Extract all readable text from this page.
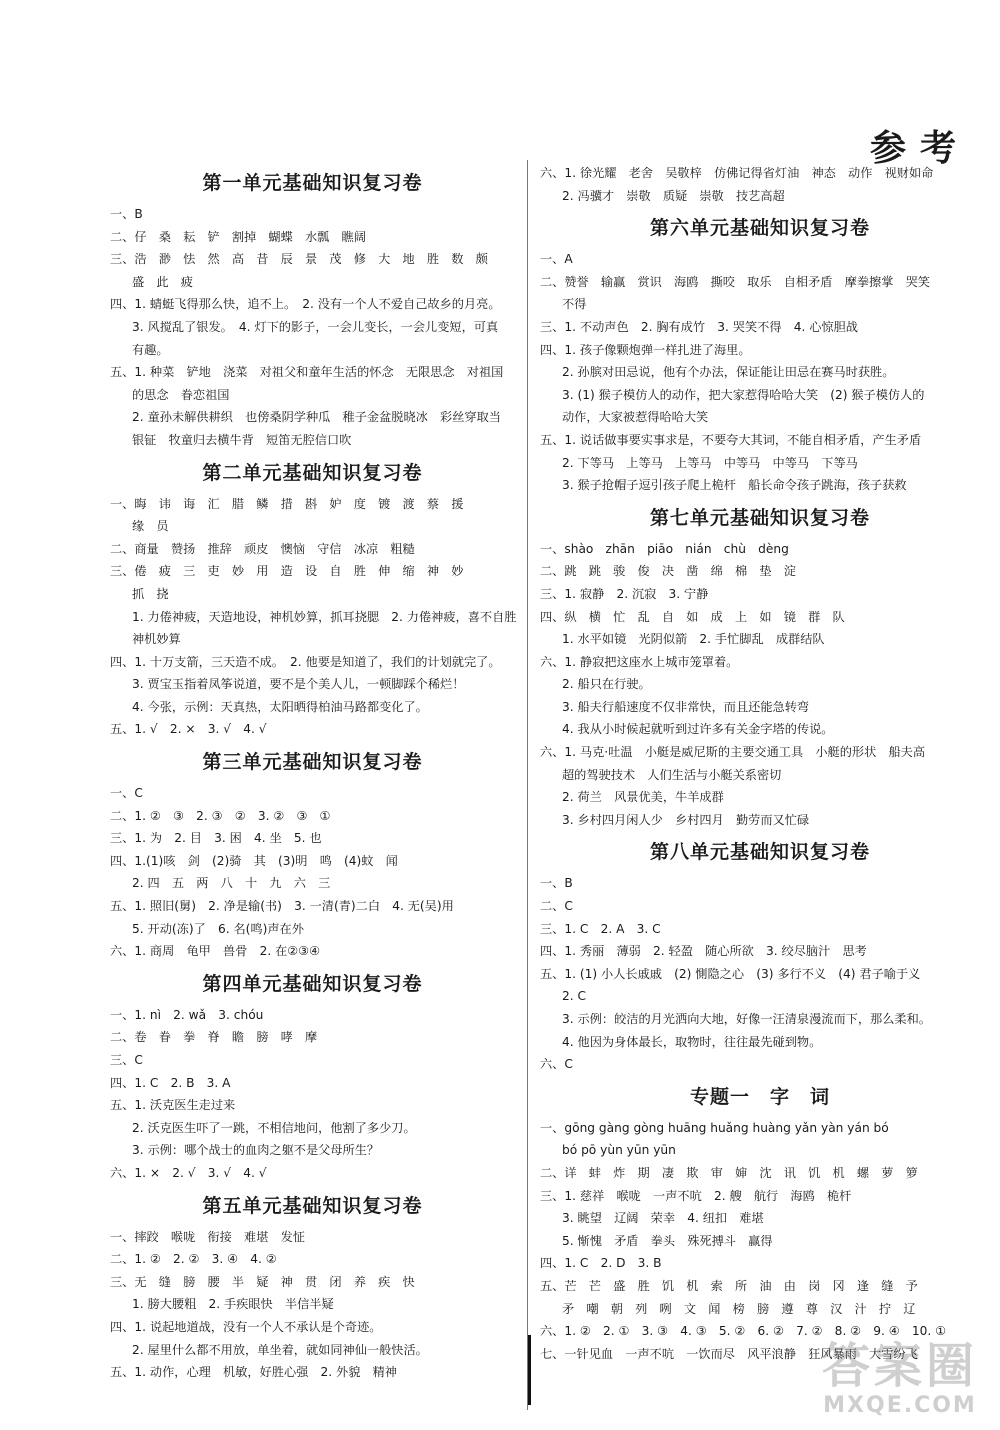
参考
第一单元基础知识复习卷
一、B
二、仔　桑　耘　铲　割掉　蝴蝶　水瓢　瞧阔
三、浩　渺　怯　然　高　昔　辰　景　茂　修　大　地　胜　数　颇
盛　此　疲
四、1. 蜻蜓飞得那么快，追不上。　2. 没有一个人不爱自己故乡的月亮。
3. 风搅乱了银发。　4. 灯下的影子，一会儿变长，一会儿变短，可真
有趣。
五、1. 种菜　铲地　浇菜　对祖父和童年生活的怀念　无限思念　对祖国
的思念　眷恋祖国
2. 童孙未解供耕织　也傍桑阴学种瓜　稚子金盆脱晓冰　彩丝穿取当
银钲　牧童归去横牛背　短笛无腔信口吹
第二单元基础知识复习卷
一、晦　讳　诲　汇　腊　鳞　措　斟　妒　度　镀　渡　蔡　援
缘　员
二、商量　赞扬　推辞　顽皮　懊恼　守信　冰凉　粗糙
三、倦　疲　三　吏　妙　用　造　设　自　胜　伸　缩　神　妙
抓　挠
1. 力倦神疲，天造地设，神机妙算，抓耳挠腮　2. 力倦神疲，喜不自胜
神机妙算
四、1. 十万支箭，三天造不成。　2. 他要是知道了，我们的计划就完了。
3. 贾宝玉指着凤筝说道，要不是个美人儿，一顿脚踩个稀烂！
4. 今张，示例：天真热，太阳晒得柏油马路都变化了。
五、1. √　2. ×　3. √　4. √
第三单元基础知识复习卷
一、C
二、1. ②　③　2. ③　②　3. ②　③　①
三、1. 为　2. 目　3. 困　4. 坐　5. 也
四、1.(1)咳　剑　(2)骑　其　(3)明　鸣　(4)蚊　闻
2. 四　五　两　八　十　九　六　三
五、1. 照旧(舅)　2. 净是输(书)　3. 一清(青)二白　4. 无(吴)用
5. 开动(冻)了　6. 名(鸣)声在外
六、1. 商周　龟甲　兽骨　2. 在②③④
第四单元基础知识复习卷
一、1. nì　2. wǎ　3. chóu
二、卷　眷　拳　脊　瞻　膀　哮　摩
三、C
四、1. C　2. B　3. A
五、1. 沃克医生走过来
2. 沃克医生吓了一跳，不相信地问，他割了多少刀。
3. 示例：哪个战士的血肉之躯不是父母所生？
六、1. ×　2. √　3. √　4. √
第五单元基础知识复习卷
一、摔跤　喉咙　衔接　难堪　发怔
二、1. ②　2. ②　3. ④　4. ②
三、无　缝　膀　腰　半　疑　神　贯　闭　养　疾　快
1. 膀大腰粗　2. 手疾眼快　半信半疑
四、1. 说起地道战，没有一个人不承认是个奇迹。
2. 屋里什么都不用放，单坐着，就如同神仙一般快活。
五、1. 动作，心理　机敏，好胜心强　2. 外貌　精神
六、1. 徐光耀　老舍　吴敬梓　仿佛记得省灯油　神态　动作　视财如命
2. 冯骥才　崇敬　质疑　崇敬　技艺高超
第六单元基础知识复习卷
一、A
二、赞誉　输赢　赏识　海鸥　撕咬　取乐　自相矛盾　摩拳擦掌　哭笑
不得
三、1. 不动声色　2. 胸有成竹　3. 哭笑不得　4. 心惊胆战
四、1. 孩子像颗炮弹一样扎进了海里。
2. 孙膑对田忌说，他有个办法，保证能让田忌在赛马时获胜。
3. (1) 猴子模仿人的动作，把大家惹得哈哈大笑　(2) 猴子模仿人的
动作，大家被惹得哈哈大笑
五、1. 说话做事要实事求是，不要夸大其词，不能自相矛盾，产生矛盾
2. 下等马　上等马　上等马　中等马　中等马　下等马
3. 猴子抢帽子逗引孩子爬上桅杆　船长命令孩子跳海，孩子获救
第七单元基础知识复习卷
一、shào　zhān　piāo　nián　chù　dèng
二、跳　跳　骏　俊　决　凿　绵　棉　垫　淀
三、1. 寂静　2. 沉寂　3. 宁静
四、纵　横　忙　乱　自　如　成　上　如　镜　群　队
1. 水平如镜　光阴似箭　2. 手忙脚乱　成群结队
六、1. 静寂把这座水上城市笼罩着。
2. 船只在行驶。
3. 船夫行船速度不仅非常快，而且还能急转弯
4. 我从小时候起就听到过许多有关金字塔的传说。
六、1. 马克·吐温　小艇是威尼斯的主要交通工具　小艇的形状　船夫高
超的驾驶技术　人们生活与小艇关系密切
2. 荷兰　风景优美，牛羊成群
3. 乡村四月闲人少　乡村四月　勤劳而又忙碌
第八单元基础知识复习卷
一、B
二、C
三、1. C　2. A　3. C
四、1. 秀丽　薄弱　2. 轻盈　随心所欲　3. 绞尽脑汁　思考
五、1. (1) 小人长戚戚　(2) 惻隐之心　(3) 多行不义　(4) 君子喻于义
2. C
3. 示例：皎洁的月光洒向大地，好像一汪清泉漫流而下，那么柔和。
4. 他因为身体最长，取物时，往往最先碰到物。
六、C
专题一　字　词
一、gōng gàng gòng huāng huǎng huàng yǎn yàn yán bó
bó pō yùn yūn yūn
二、详　蚌　炸　期　凄　欺　审　婶　沈　讯　饥　机　螺　萝　箩
三、1. 慈祥　喉咙　一声不吭　2. 艘　航行　海鸥　桅杆
3. 眺望　辽阔　荣幸　4. 纽扣　难堪
5. 惭愧　矛盾　拳头　殊死搏斗　赢得
四、1. C　2. D　3. B
五、芒　芒　盛　胜　饥　机　索　所　油　由　岗　冈　逢　缝　予
矛　嘲　朝　列　咧　文　闻　榜　膀　遵　尊　汉　汁　拧　辽
六、1. ②　2. ①　3. ③　4. ③　5. ②　6. ②　7. ②　8. ②　9. ④　10. ①
七、一针见血　一声不吭　一饮而尽　风平浪静　狂风暴雨　大雪纷飞
答案圈
MXQE.COM
